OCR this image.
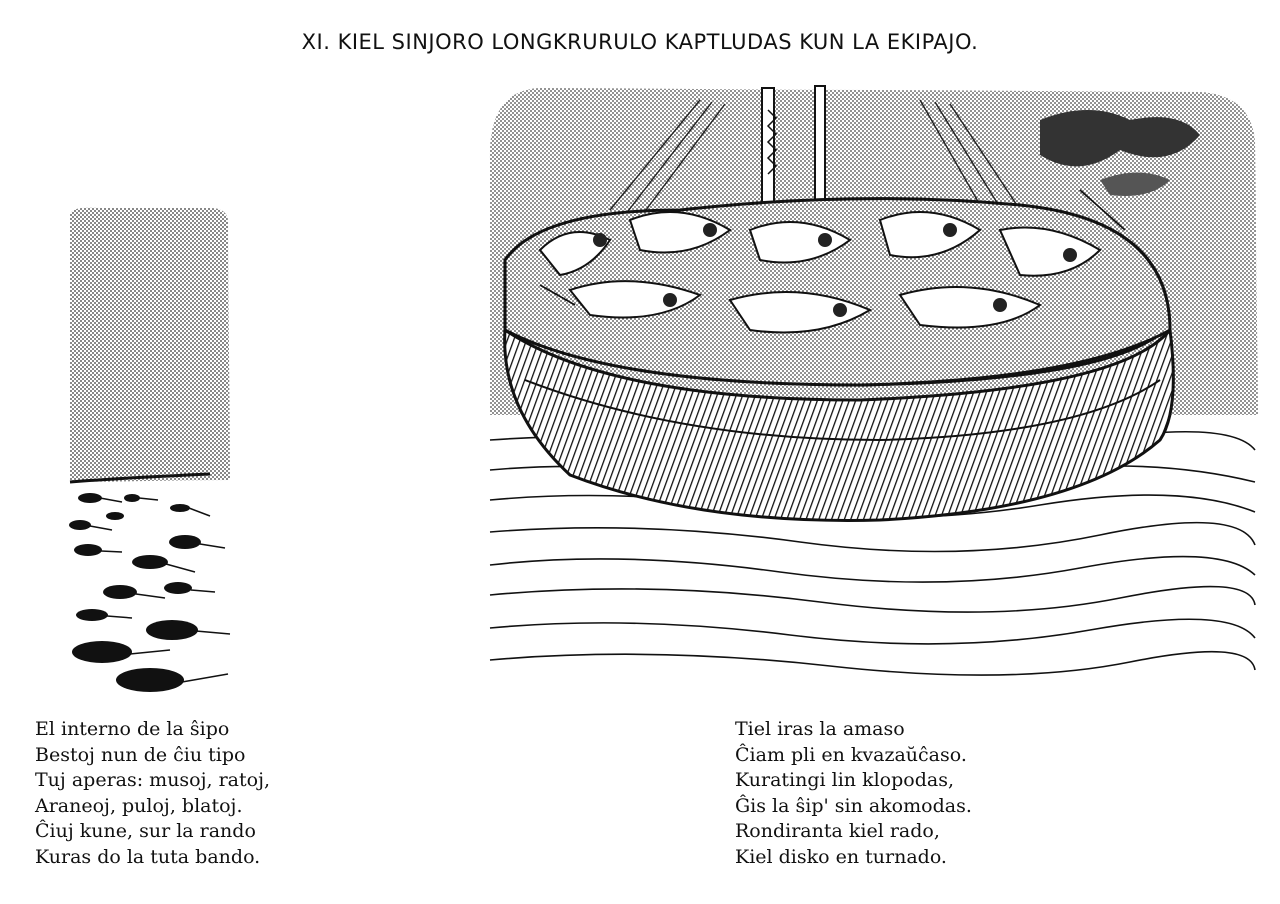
XI. KIEL SINJORO LONGKRURULO KAPTLUDAS KUN LA EKIPAJO.
El interno de la ŝipo
Bestoj nun de ĉiu tipo
Tuj aperas: musoj, ratoj,
Araneoj, puloj, blatoj.
Ĉiuj kune, sur la rando
Kuras do la tuta bando.
Tiel iras la amaso
Ĉiam pli en kvazaŭĉaso.
Kuratingi lin klopodas,
Ĝis la ŝip' sin akomodas.
Rondiranta kiel rado,
Kiel disko en turnado.
